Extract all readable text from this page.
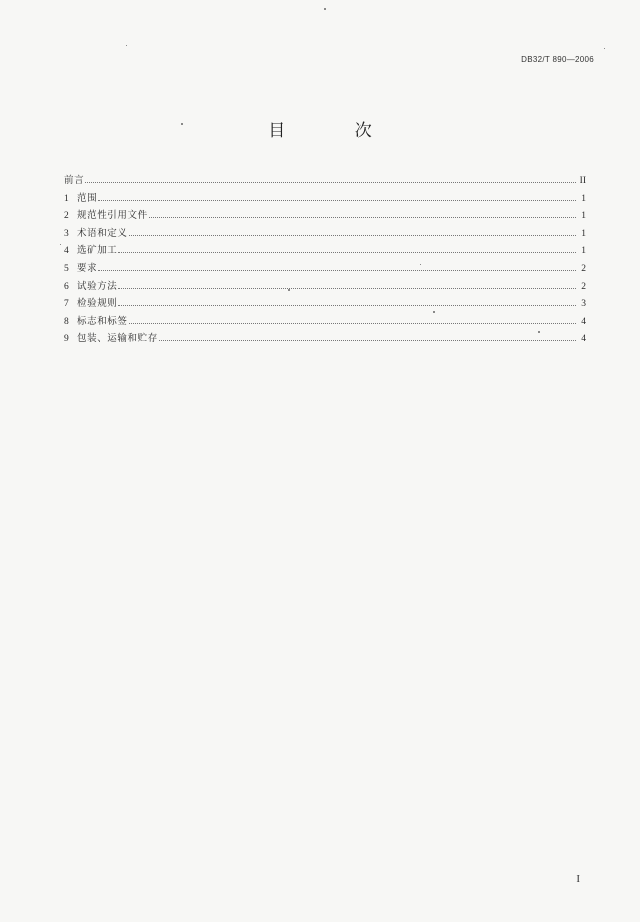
DB32/T 890—2006
目 次
前言	II
1 范围	1
2 规范性引用文件	1
3 术语和定义	1
4 选矿加工	1
5 要求	2
6 试验方法	2
7 检验规则	3
8 标志和标签	4
9 包装、运输和贮存	4
I
